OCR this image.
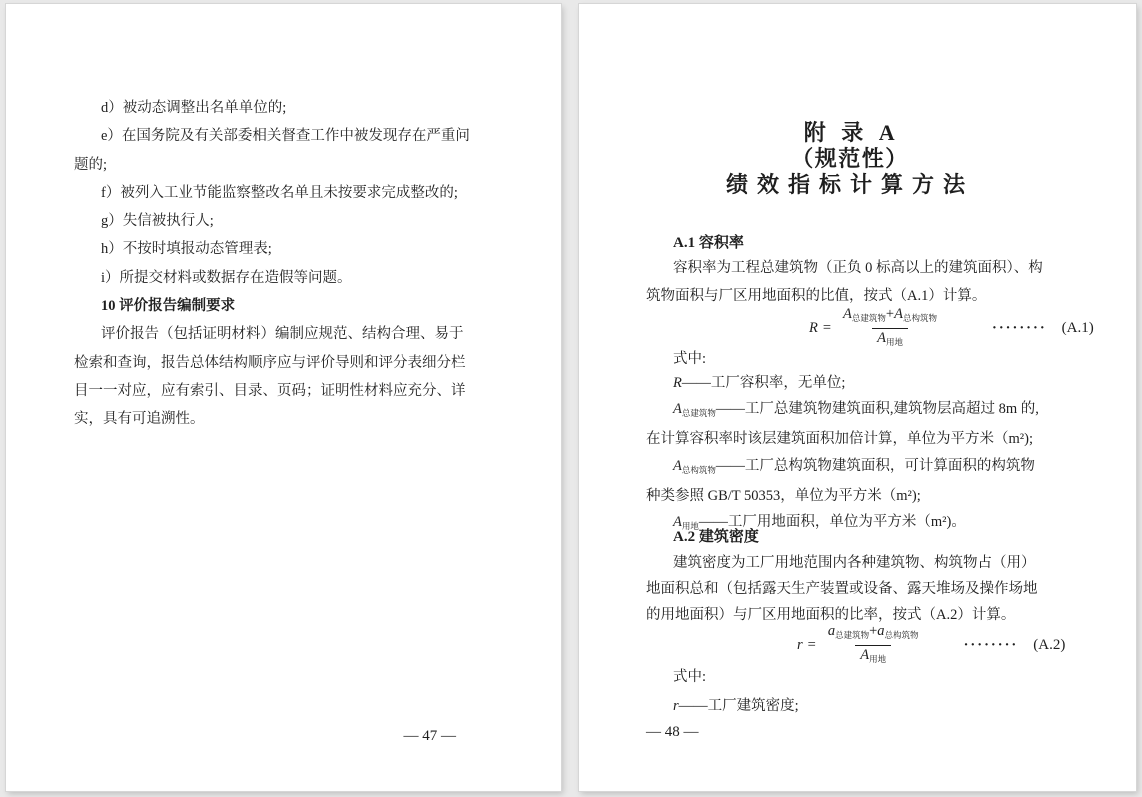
d）被动态调整出名单单位的;
e）在国务院及有关部委相关督查工作中被发现存在严重问
题的;
f）被列入工业节能监察整改名单且未按要求完成整改的;
g）失信被执行人;
h）不按时填报动态管理表;
i）所提交材料或数据存在造假等问题。
10 评价报告编制要求
评价报告（包括证明材料）编制应规范、结构合理、易于
检索和查询，报告总体结构顺序应与评价导则和评分表细分栏
目一一对应，应有索引、目录、页码；证明性材料应充分、详
实，具有可追溯性。
— 47 —
附 录 A
（规范性）
绩效指标计算方法
A.1 容积率
容积率为工程总建筑物（正负 0 标高以上的建筑面积）、构
筑物面积与厂区用地面积的比值，按式（A.1）计算。
$R = \frac{A_{总建筑物}+A_{总构筑物}}{A_{用地}}$	········ (A.1)
式中:
R——工厂容积率，无单位;
$A_{总建筑物}——$工厂总建筑物建筑面积,建筑物层高超过 8m 的,
在计算容积率时该层建筑面积加倍计算，单位为平方米（m²);
$A_{总构筑物}——$工厂总构筑物建筑面积，可计算面积的构筑物
种类参照 GB/T 50353，单位为平方米（m²);
$A_{用地}——$工厂用地面积，单位为平方米（m²)。
A.2 建筑密度
建筑密度为工厂用地范围内各种建筑物、构筑物占（用）
地面积总和（包括露天生产装置或设备、露天堆场及操作场地
的用地面积）与厂区用地面积的比率，按式（A.2）计算。
$r = \frac{a_{总建筑物}+a_{总构筑物}}{A_{用地}}$	········ (A.2)
式中:
r——工厂建筑密度;
— 48 —
